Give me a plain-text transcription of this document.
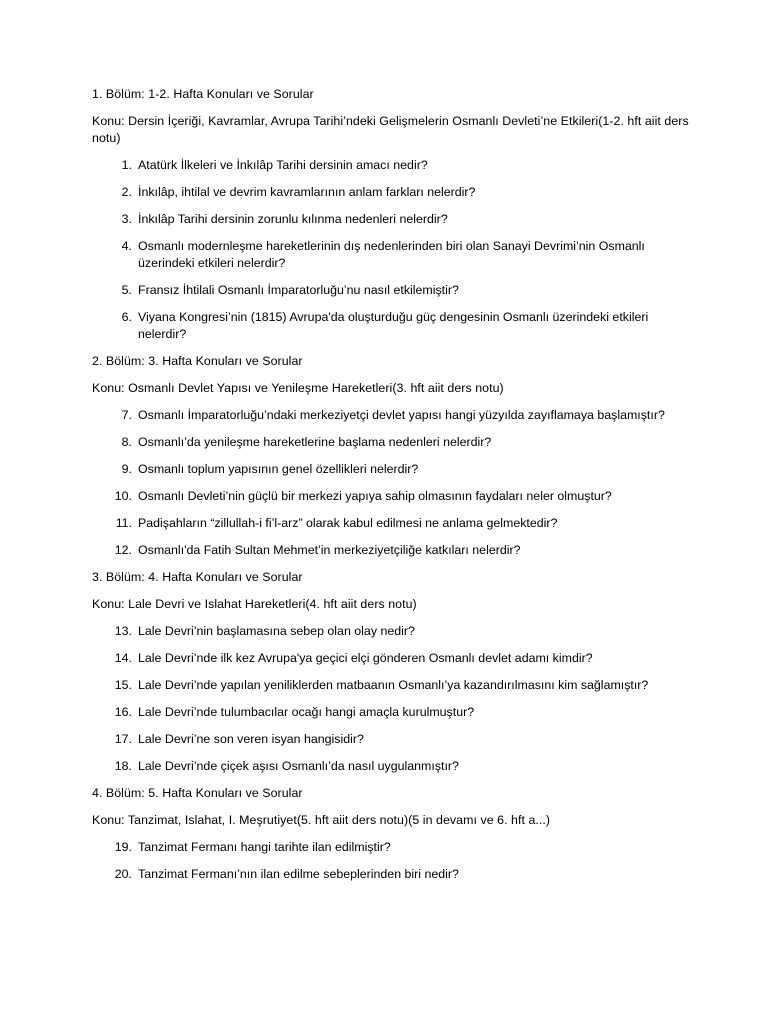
1. Bölüm: 1-2. Hafta Konuları ve Sorular

Konu: Dersin İçeriği, Kavramlar, Avrupa Tarihi’ndeki Gelişmelerin Osmanlı Devleti’ne Etkileri(1-2. hft aiit ders notu)

1. Atatürk İlkeleri ve İnkılâp Tarihi dersinin amacı nedir?
2. İnkılâp, ihtilal ve devrim kavramlarının anlam farkları nelerdir?
3. İnkılâp Tarihi dersinin zorunlu kılınma nedenleri nelerdir?
4. Osmanlı modernleşme hareketlerinin dış nedenlerinden biri olan Sanayi Devrimi’nin Osmanlı üzerindeki etkileri nelerdir?
5. Fransız İhtilali Osmanlı İmparatorluğu’nu nasıl etkilemiştir?
6. Viyana Kongresi’nin (1815) Avrupa'da oluşturduğu güç dengesinin Osmanlı üzerindeki etkileri nelerdir?

2. Bölüm: 3. Hafta Konuları ve Sorular

Konu: Osmanlı Devlet Yapısı ve Yenileşme Hareketleri(3. hft aiit ders notu)

7. Osmanlı İmparatorluğu’ndaki merkeziyetçi devlet yapısı hangi yüzyılda zayıflamaya başlamıştır?
8. Osmanlı’da yenileşme hareketlerine başlama nedenleri nelerdir?
9. Osmanlı toplum yapısının genel özellikleri nelerdir?
10. Osmanlı Devleti’nin güçlü bir merkezi yapıya sahip olmasının faydaları neler olmuştur?
11. Padişahların “zillullah-i fi’l-arz” olarak kabul edilmesi ne anlama gelmektedir?
12. Osmanlı'da Fatih Sultan Mehmet’in merkeziyetçiliğe katkıları nelerdir?

3. Bölüm: 4. Hafta Konuları ve Sorular

Konu: Lale Devri ve Islahat Hareketleri(4. hft aiit ders notu)

13. Lale Devri’nin başlamasına sebep olan olay nedir?
14. Lale Devri’nde ilk kez Avrupa'ya geçici elçi gönderen Osmanlı devlet adamı kimdir?
15. Lale Devri’nde yapılan yeniliklerden matbaanın Osmanlı’ya kazandırılmasını kim sağlamıştır?
16. Lale Devri’nde tulumbacılar ocağı hangi amaçla kurulmuştur?
17. Lale Devri’ne son veren isyan hangisidir?
18. Lale Devri’nde çiçek aşısı Osmanlı’da nasıl uygulanmıştır?

4. Bölüm: 5. Hafta Konuları ve Sorular

Konu: Tanzimat, Islahat, I. Meşrutiyet(5. hft aiit ders notu)(5 in devamı ve 6. hft a...)

19. Tanzimat Fermanı hangi tarihte ilan edilmiştir?
20. Tanzimat Fermanı’nın ilan edilme sebeplerinden biri nedir?
